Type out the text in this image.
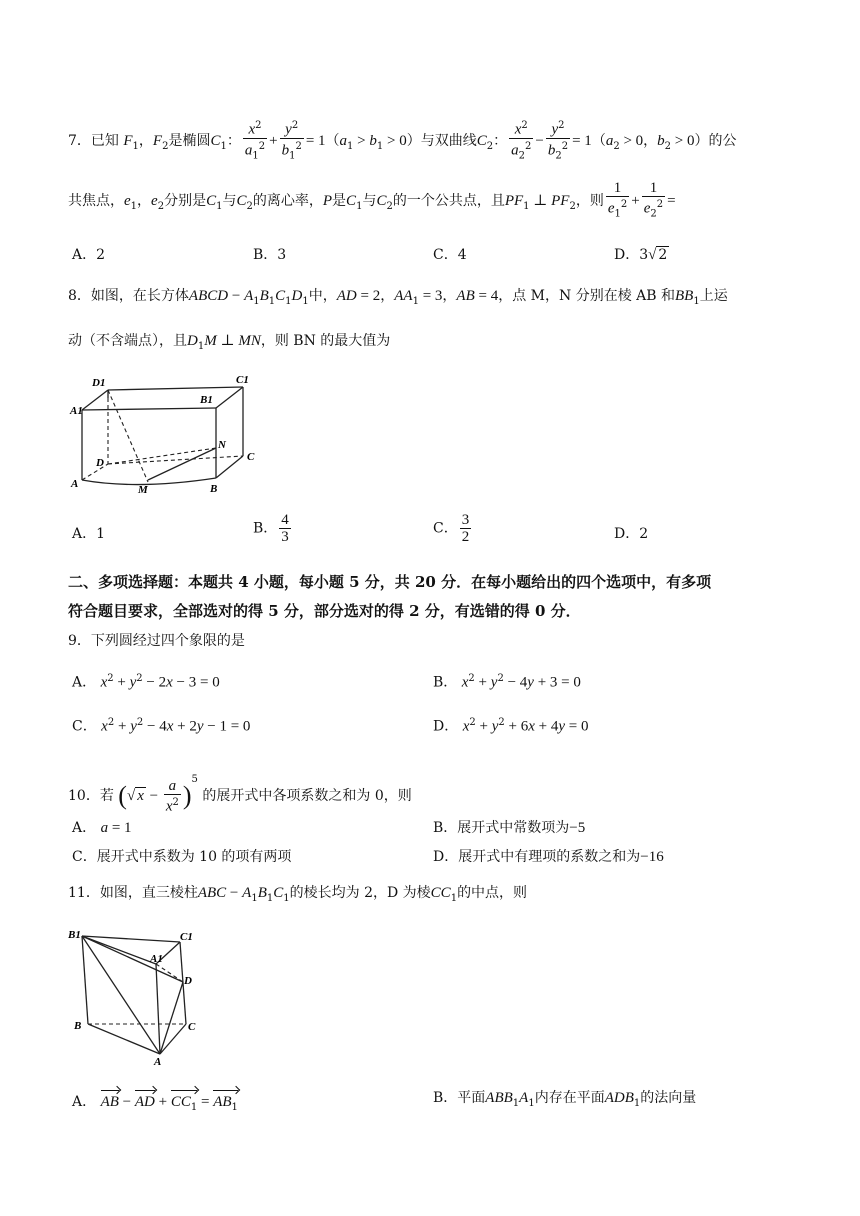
7．已知 $F_1$，$F_2$是椭圆$C_1$： $\frac{x^2}{a_1^2} + \frac{y^2}{b_1^2} = 1(a_1 > b_1 > 0)$与双曲线$C_2$： $\frac{x^2}{a_2^2} - \frac{y^2}{b_2^2} = 1(a_2 > 0$，$b_2 > 0$）的公
共焦点，$e_1$，$e_2$分别是$C_1$与$C_2$的离心率，P是$C_1$与$C_2$的一个公共点，且$PF_1$ ⊥ $PF_2$，则 $\frac{1}{e_1^2} + \frac{1}{e_2^2}$ =
A．2	B．3	C．4	D．3√ 2
8．如图，在长方体ABCD − $A_1B_1C_1D_1$中，AD = 2，$AA_1 = 3$，AB = 4，点 M，N 分别在棱 AB 和$BB_1$上运
动（不含端点），且$D_1M$ ⊥ MN，则 BN 的最大值为
D1	C1
A1
B1
N
D	C
A	M	B
A．1	B． $\frac{4}{3}$	C． $\frac{3}{2}$	D．2
二、多项选择题：本题共 4 小题，每小题 5 分，共 20 分．在每小题给出的四个选项中，有多项
符合题目要求，全部选对的得 5 分，部分选对的得 2 分，有选错的得 0 分．
9．下列圆经过四个象限的是
A． $x^2 + y^2 - 2x - 3 = 0$	B． $x^2 + y^2 - 4y + 3 = 0$
C． $x^2 + y^2 - 4x + 2y - 1 = 0$	D． $x^2 + y^2 + 6x + 4y = 0$
10．若 (√ $x - \frac{a}{x^2} )^5$ 的展开式中各项系数之和为 0，则
A． a = 1	B．展开式中常数项为−5
C．展开式中系数为 10 的项有两项	D．展开式中有理项的系数之和为−16
11．如图，直三棱柱ABC − $A_1B_1C_1$的棱长均为 2，D 为棱$CC_1$的中点，则
B1	C1
A1
D
B	C
A
A． AB − AD + $CC_1 = AB_1$
B．平面$ABB_1A_1$内存在平面$ADB_1$的法向量
